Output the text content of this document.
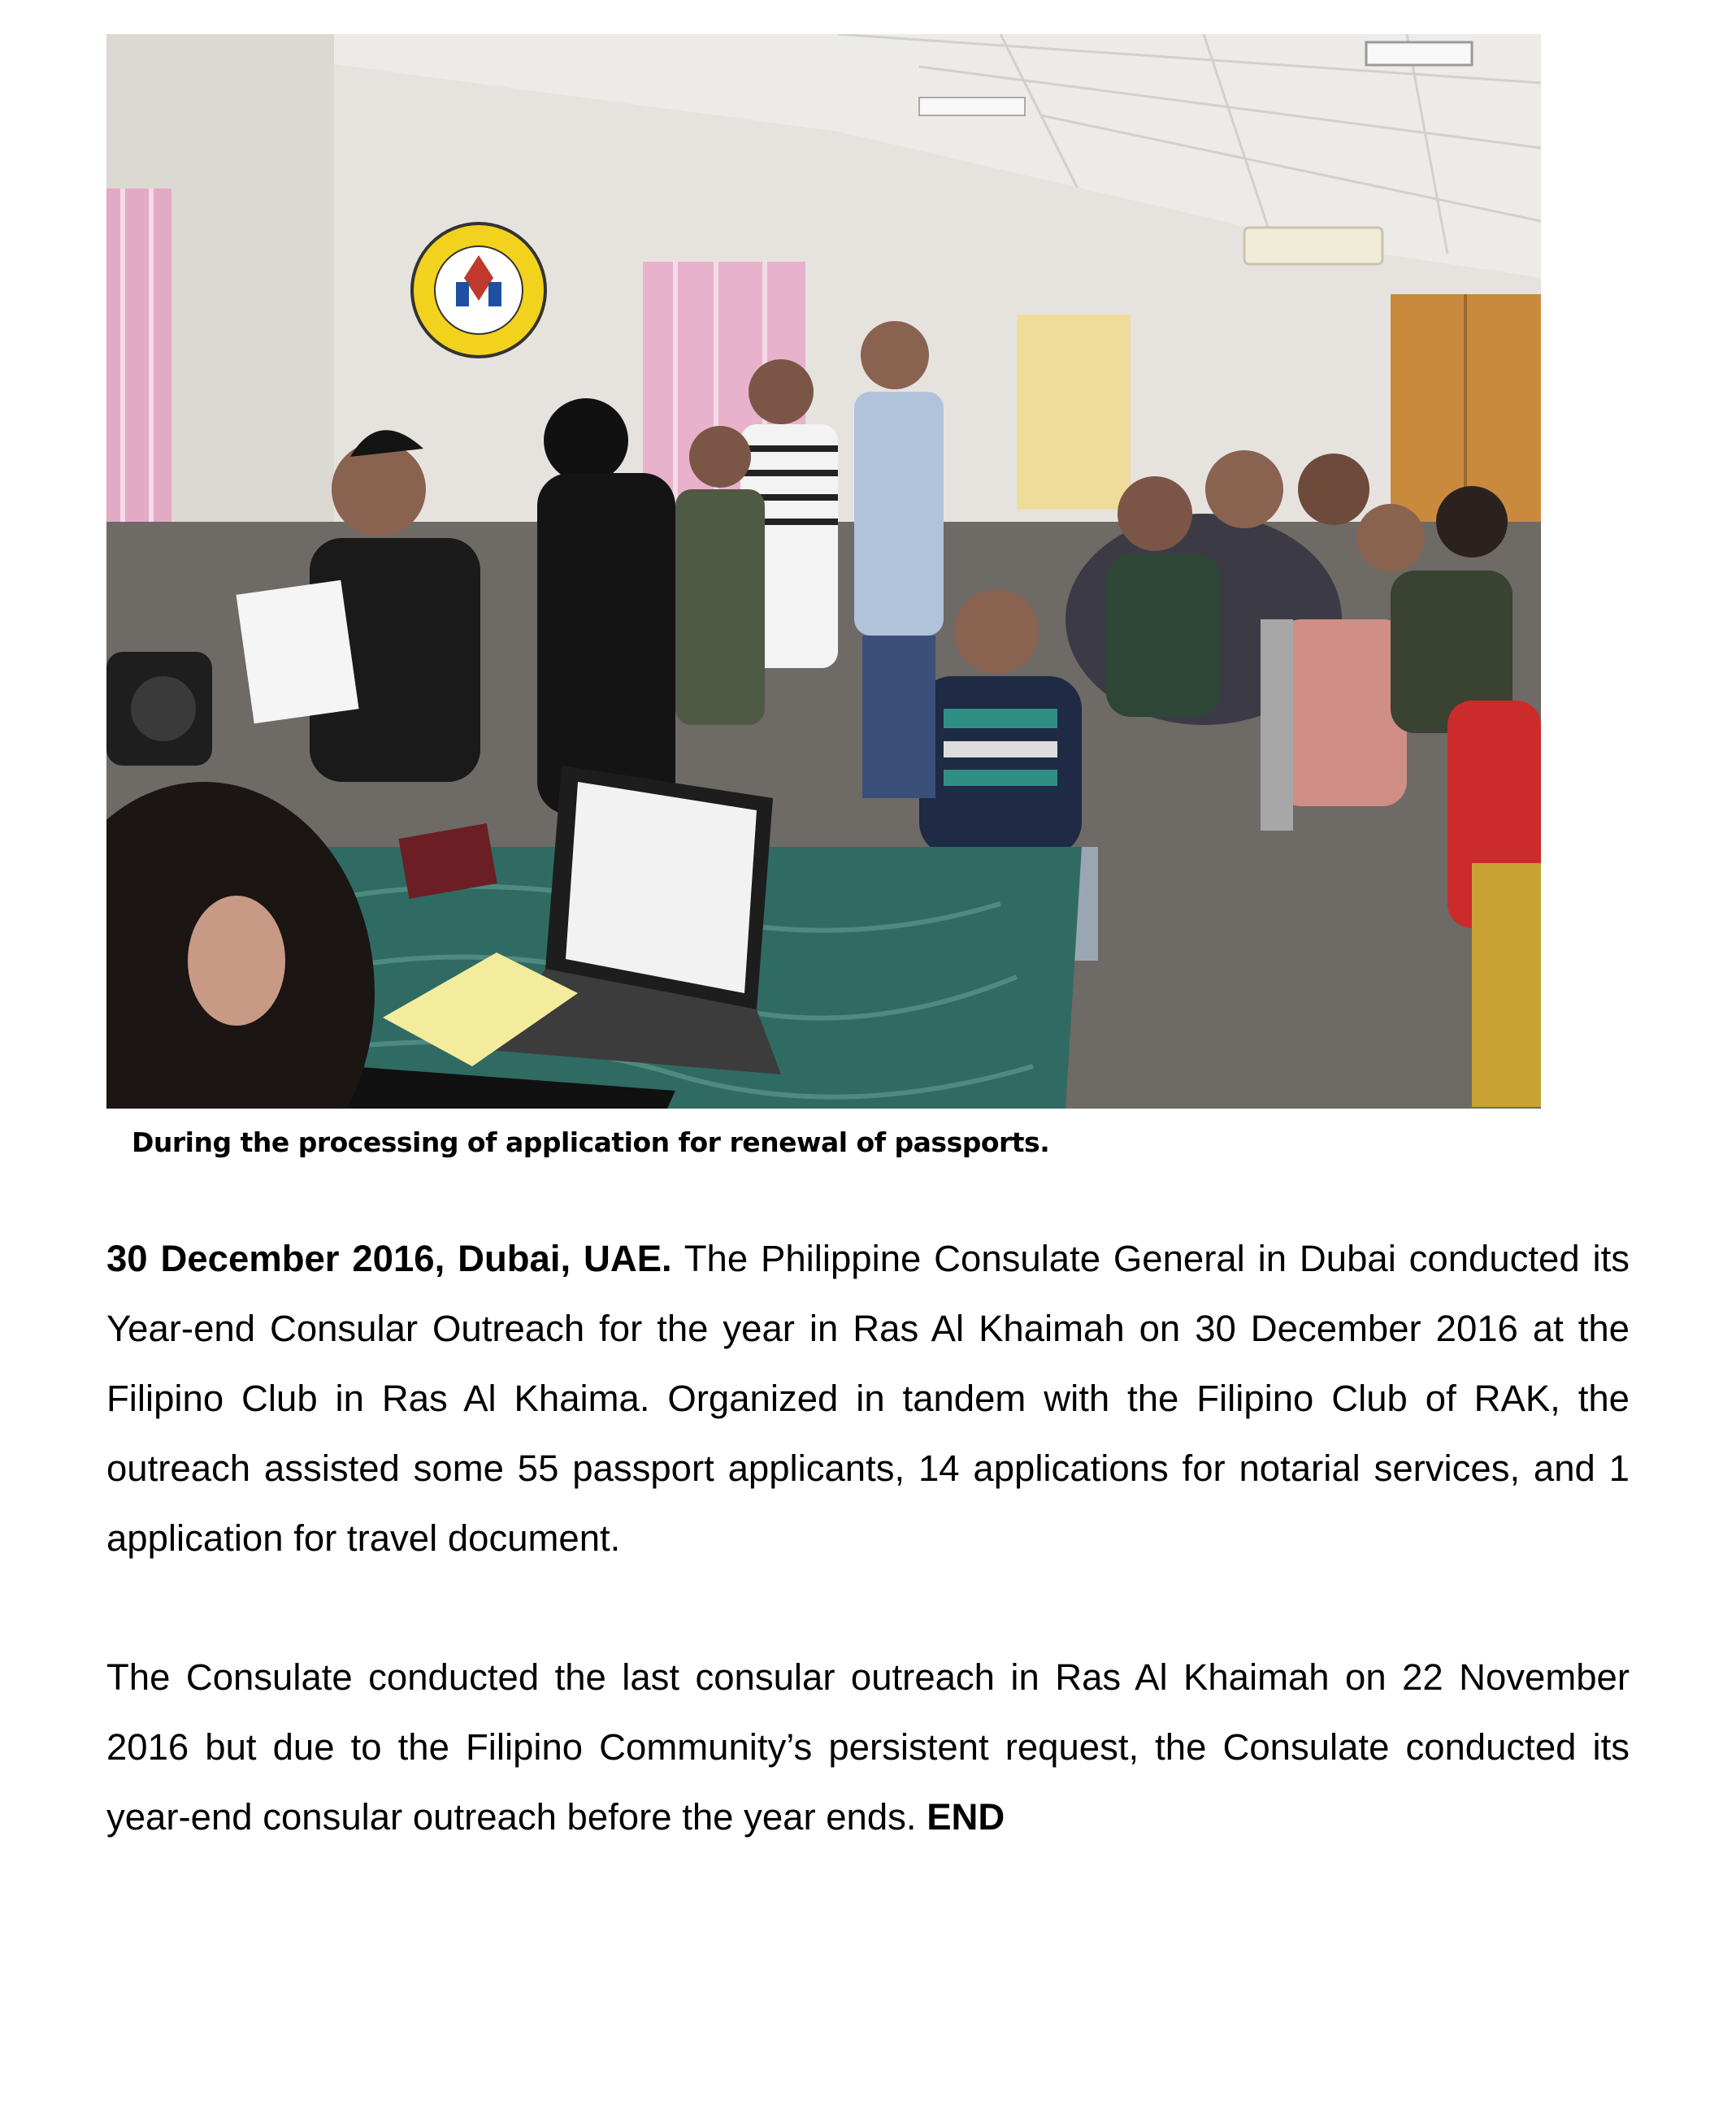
During the processing of application for renewal of passports.

30 December 2016, Dubai, UAE. The Philippine Consulate General in Dubai conducted its Year-end Consular Outreach for the year in Ras Al Khaimah on 30 December 2016 at the Filipino Club in Ras Al Khaima. Organized in tandem with the Filipino Club of RAK, the outreach assisted some 55 passport applicants, 14 applications for notarial services, and 1 application for travel document.

The Consulate conducted the last consular outreach in Ras Al Khaimah on 22 November 2016 but due to the Filipino Community’s persistent request, the Consulate conducted its year-end consular outreach before the year ends. END
